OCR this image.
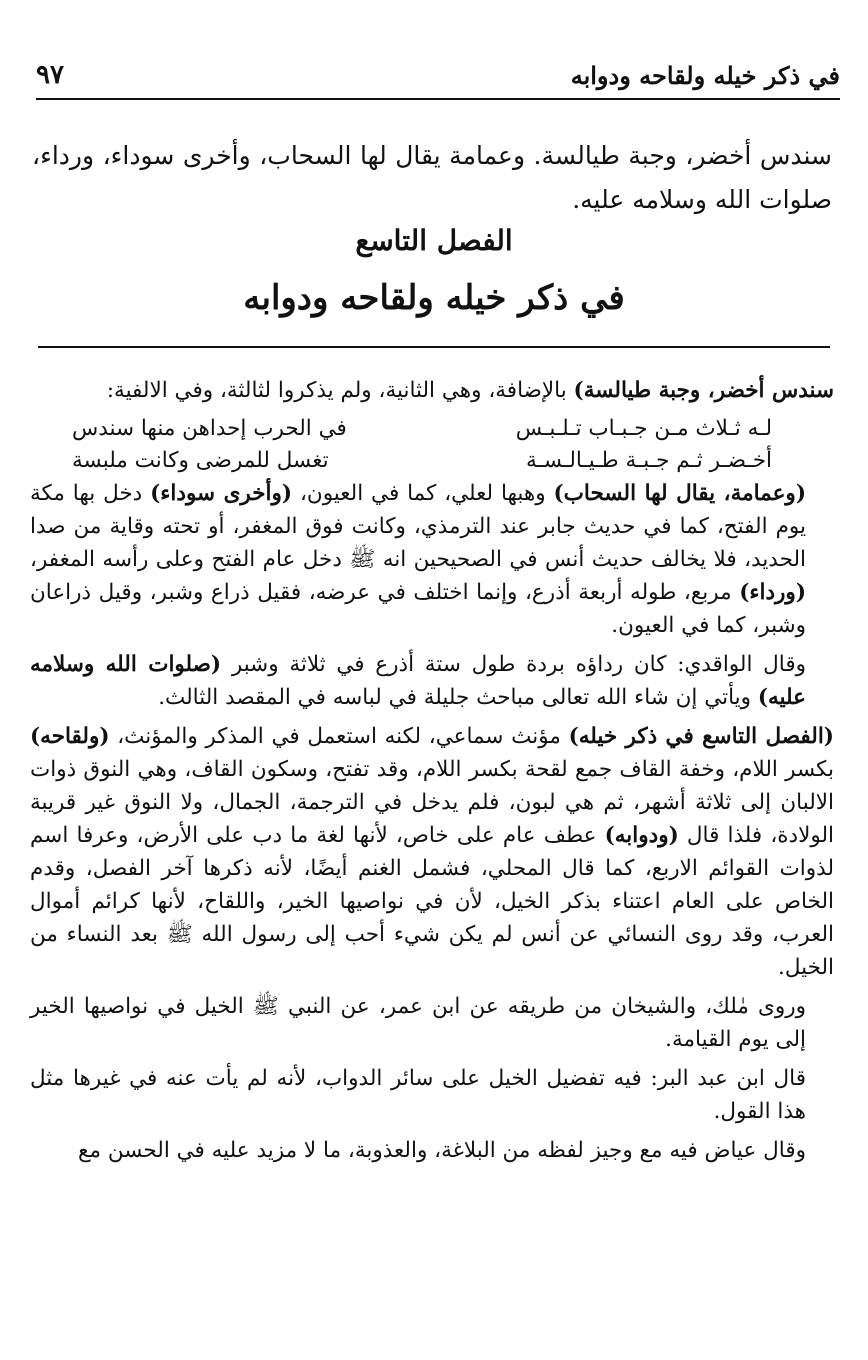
في ذكر خيله ولقاحه ودوابه
٩٧
سندس أخضر، وجبة طيالسة. وعمامة يقال لها السحاب، وأخرى سوداء، ورداء، صلوات الله وسلامه عليه.
الفصل التاسع
في ذكر خيله ولقاحه ودوابه

سندس أخضر، وجبة طيالسة) بالإضافة، وهي الثانية، ولم يذكروا لثالثة، وفي الالفية:

لـه ثـلاث مـن جـبـاب تـلـبـس
في الحرب إحداهن منها سندس
أخـضـر ثـم جـبـة طـيـالـسـة
تغسل للمرضى وكانت ملبسة

(وعمامة، يقال لها السحاب) وهبها لعلي، كما في العيون، (وأخرى سوداء) دخل بها مكة يوم الفتح، كما في حديث جابر عند الترمذي، وكانت فوق المغفر، أو تحته وقاية من صدا الحديد، فلا يخالف حديث أنس في الصحيحين انه ﷺ دخل عام الفتح وعلى رأسه المغفر، (ورداء) مربع، طوله أربعة أذرع، وإنما اختلف في عرضه، فقيل ذراع وشبر، وقيل ذراعان وشبر، كما في العيون.

وقال الواقدي: كان رداؤه بردة طول ستة أذرع في ثلاثة وشبر (صلوات الله وسلامه عليه) ويأتي إن شاء الله تعالى مباحث جليلة في لباسه في المقصد الثالث.

(الفصل التاسع في ذكر خيله) مؤنث سماعي، لكنه استعمل في المذكر والمؤنث، (ولقاحه) بكسر اللام، وخفة القاف جمع لقحة بكسر اللام، وقد تفتح، وسكون القاف، وهي النوق ذوات الالبان إلى ثلاثة أشهر، ثم هي لبون، فلم يدخل في الترجمة، الجمال، ولا النوق غير قريبة الولادة، فلذا قال (ودوابه) عطف عام على خاص، لأنها لغة ما دب على الأرض، وعرفا اسم لذوات القوائم الاربع، كما قال المحلي، فشمل الغنم أيضًا، لأنه ذكرها آخر الفصل، وقدم الخاص على العام اعتناء بذكر الخيل، لأن في نواصيها الخير، واللقاح، لأنها كرائم أموال العرب، وقد روى النسائي عن أنس لم يكن شيء أحب إلى رسول الله ﷺ بعد النساء من الخيل.

وروى مٰلك، والشيخان من طريقه عن ابن عمر، عن النبي ﷺ الخيل في نواصيها الخير إلى يوم القيامة.

قال ابن عبد البر: فيه تفضيل الخيل على سائر الدواب، لأنه لم يأت عنه في غيرها مثل هذا القول.

وقال عياض فيه مع وجيز لفظه من البلاغة، والعذوبة، ما لا مزيد عليه في الحسن مع
